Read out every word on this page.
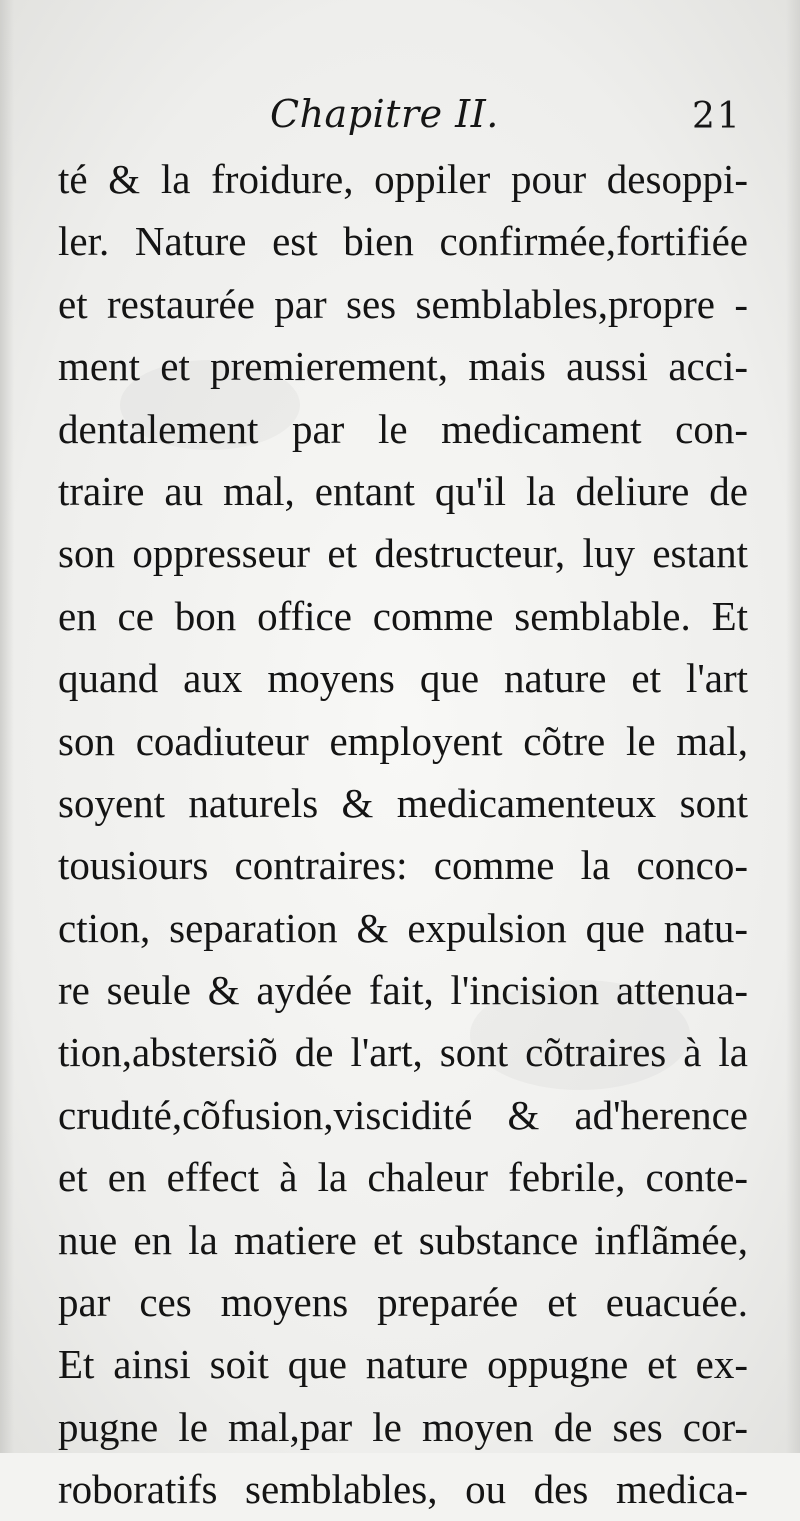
Chapitre II.	21
té & la froidure, oppiler pour desoppi-
ler. Nature est bien confirmée,fortifiée
et restaurée par ses semblables,propre -
ment et premierement, mais aussi acci-
dentalement par le medicament con-
traire au mal, entant qu'il la deliure de
son oppresseur et destructeur, luy estant
en ce bon office comme semblable. Et
quand aux moyens que nature et l'art
son coadiuteur employent cõtre le mal,
soyent naturels & medicamenteux sont
tousiours contraires: comme la conco-
ction, separation & expulsion que natu-
re seule & aydée fait, l'incision attenua-
tion,abstersiõ de l'art, sont cõtraires à la
crudıté,cõfusion,viscidité & ad'herence
et en effect à la chaleur febrile, conte-
nue en la matiere et substance inflãmée,
par ces moyens preparée et euacuée.
Et ainsi soit que nature oppugne et ex-
pugne le mal,par le moyen de ses cor-
roboratifs semblables, ou des medica-
